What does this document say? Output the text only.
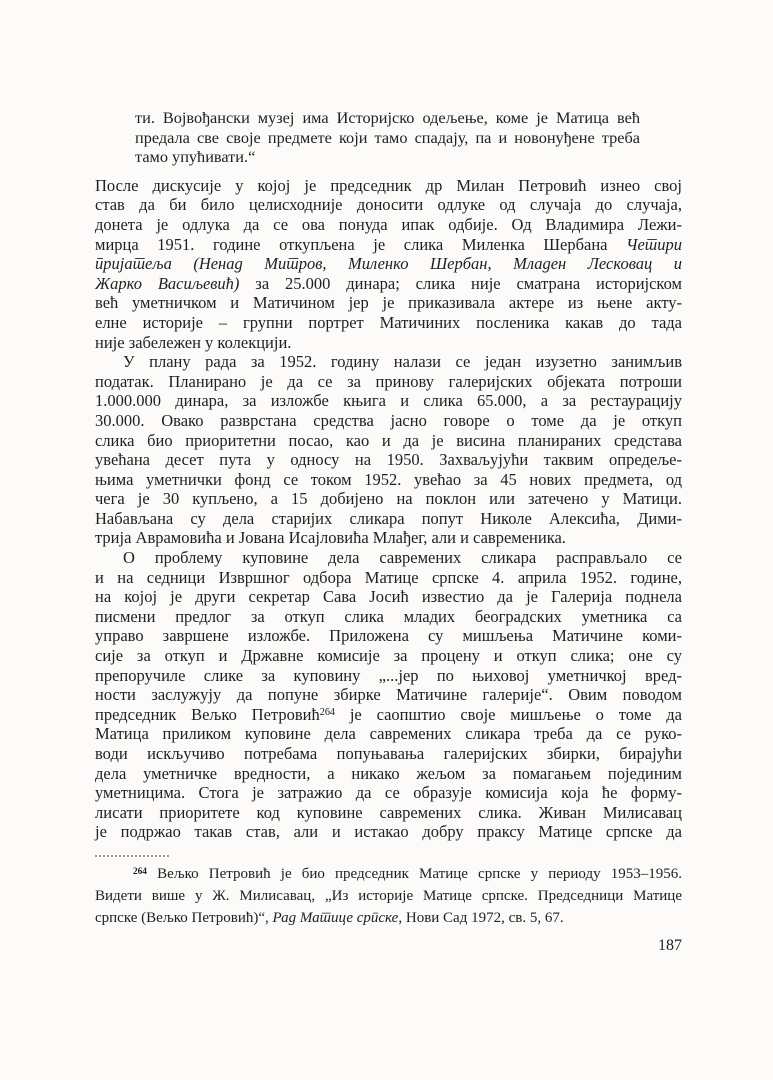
ти. Војвођански музеј има Историјско одељење, коме је Матица већ
предала све своје предмете који тамо спадају, па и новонуђене треба
тамо упућивати.“
После дискусије у којој је председник др Милан Петровић изнео свој
став да би било целисходније доносити одлуке од случаја до случаја,
донета је одлука да се ова понуда ипак одбије. Од Владимира Лежи-
мирца 1951. године откупљена је слика Миленка Шербана Четири
пријатеља (Ненад Митров, Миленко Шербан, Младен Лесковац и
Жарко Васиљевић) за 25.000 динара; слика није сматрана историјском
већ уметничком и Матичином јер је приказивала актере из њене акту-
елне историје – групни портрет Матичиних посленика какав до тада
није забележен у колекцији.
У плану рада за 1952. годину налази се један изузетно занимљив
податак. Планирано је да се за принову галеријских објеката потроши
1.000.000 динара, за изложбе књига и слика 65.000, а за рестаурацију
30.000. Овако разврстана средства јасно говоре о томе да је откуп
слика био приоритетни посао, као и да је висина планираних средстава
увећана десет пута у односу на 1950. Захваљујући таквим опредеље-
њима уметнички фонд се током 1952. увећао за 45 нових предмета, од
чега је 30 купљено, а 15 добијено на поклон или затечено у Матици.
Набављана су дела старијих сликара попут Николе Алексића, Дими-
трија Аврамовића и Јована Исајловића Млађег, али и савременика.
О проблему куповине дела савремених сликара расправљало се
и на седници Извршног одбора Матице српске 4. априла 1952. године,
на којој је други секретар Сава Јосић известио да је Галерија поднела
писмени предлог за откуп слика младих београдских уметника са
управо завршене изложбе. Приложена су мишљења Матичине коми-
сије за откуп и Државне комисије за процену и откуп слика; оне су
препоручиле слике за куповину „...јер по њиховој уметничкој вред-
ности заслужују да попуне збирке Матичине галерије“. Овим поводом
председник Вељко Петровић$^{264}$ је саопштио своје мишљење о томе да
Матица приликом куповине дела савремених сликара треба да се руко-
води искључиво потребама попуњавања галеријских збирки, бирајући
дела уметничке вредности, а никако жељом за помагањем појединим
уметницима. Стога је затражио да се образује комисија која ће форму-
лисати приоритете код куповине савремених слика. Живан Милисавац
је подржао такав став, али и истакао добру праксу Матице српске да
$^{264}$ Вељко Петровић је био председник Матице српске у периоду 1953–1956.
Видети више у Ж. Милисавац, „Из историје Матице српске. Председници Матице
српске (Вељко Петровић)“, Рад Матице српске, Нови Сад 1972, св. 5, 67.
187
